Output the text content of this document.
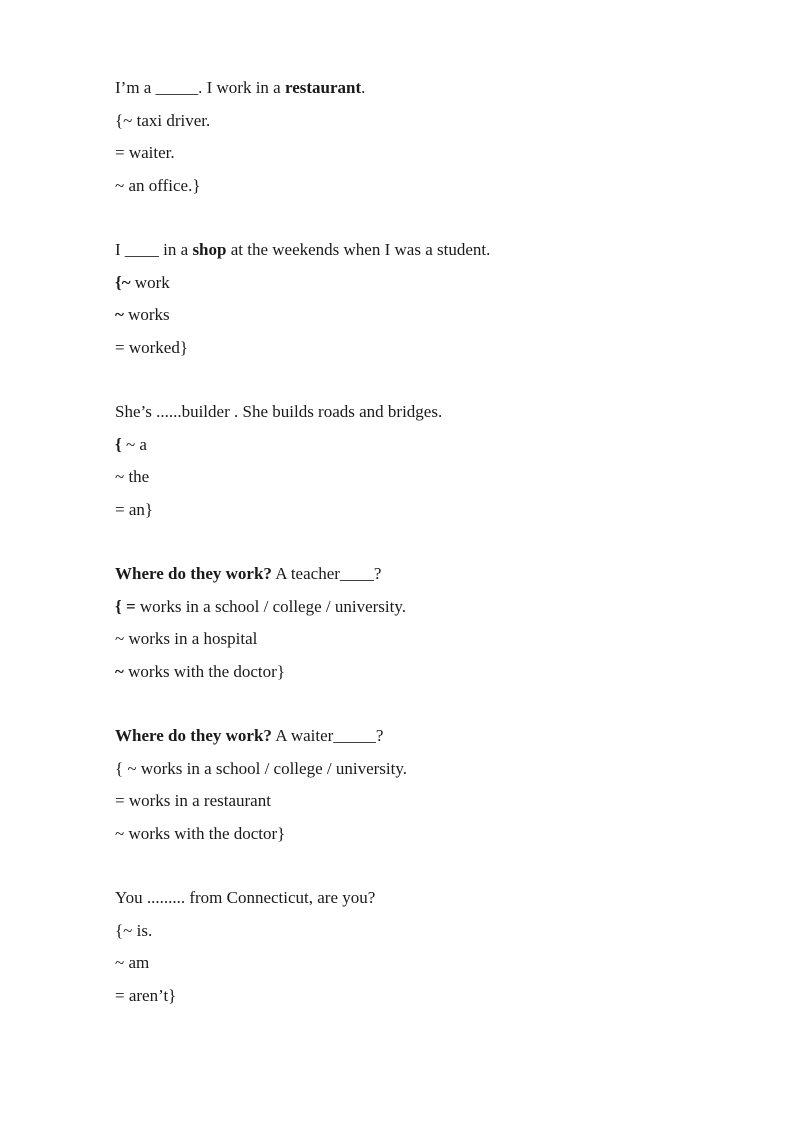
I’m a _____. I work in a restaurant.
{~ taxi driver.
= waiter.
~ an office.}
I ____ in a shop at the weekends when I was a student.
{~ work
~ works
= worked}
She’s ......builder . She builds roads and bridges.
{ ~ a
~ the
= an}
Where do they work? A teacher____?
{ = works in a school / college / university.
~ works in a hospital
~ works with the doctor}
Where do they work? A waiter_____?
{ ~ works in a school / college / university.
= works in a restaurant
~ works with the doctor}
You ......... from Connecticut, are you?
{~ is.
~ am
= aren’t}
